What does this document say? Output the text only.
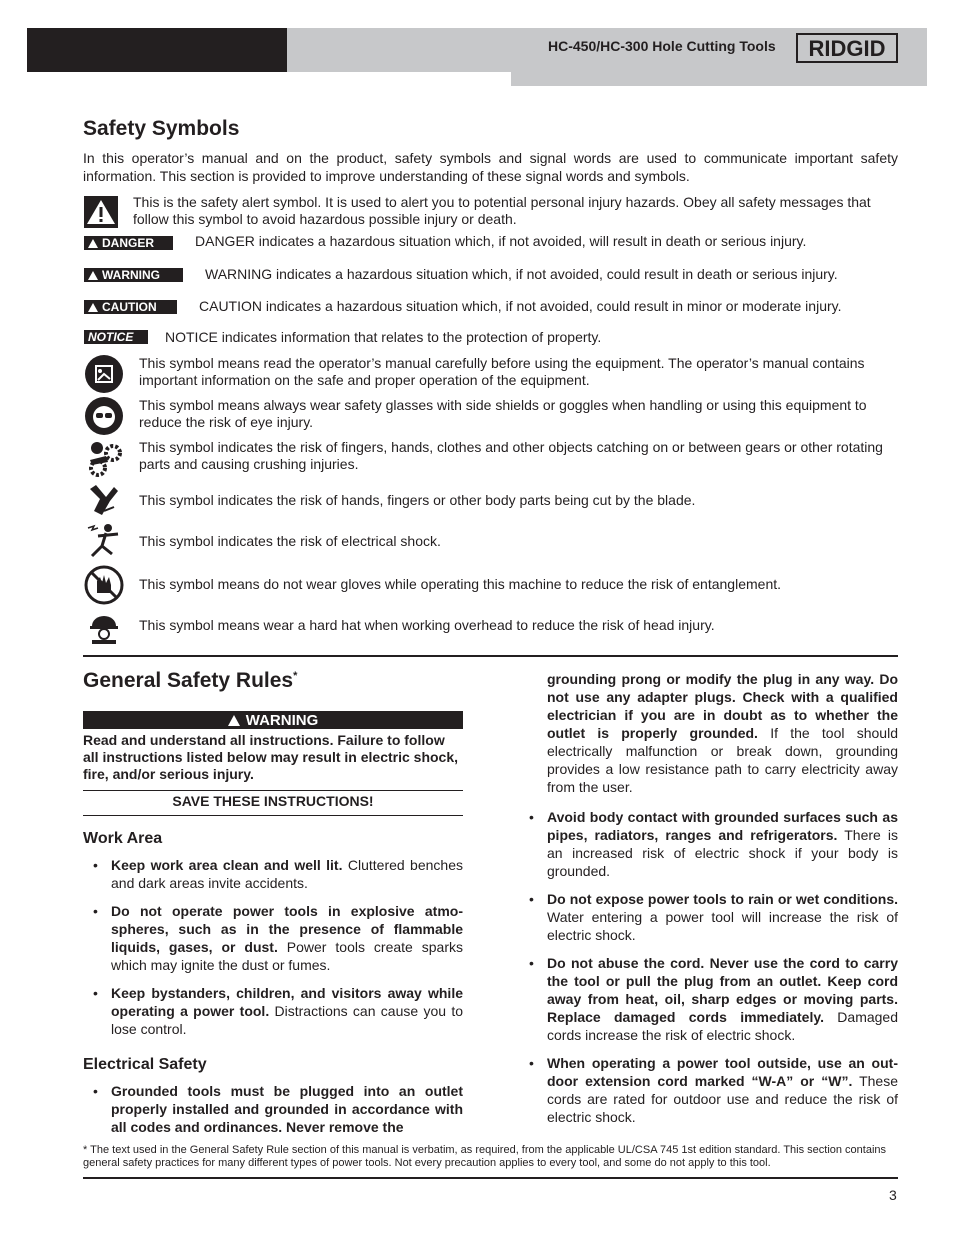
HC-450/HC-300 Hole Cutting Tools RIDGID
Safety Symbols
In this operator’s manual and on the product, safety symbols and signal words are used to communicate important safety information. This section is provided to improve understanding of these signal words and symbols.
This is the safety alert symbol. It is used to alert you to potential personal injury hazards. Obey all safety messages that follow this symbol to avoid hazardous possible injury or death.
DANGER	DANGER indicates a hazardous situation which, if not avoided, will result in death or serious injury.
WARNING	WARNING indicates a hazardous situation which, if not avoided, could result in death or serious injury.
CAUTION	CAUTION indicates a hazardous situation which, if not avoided, could result in minor or moderate injury.
NOTICE NOTICE indicates information that relates to the protection of property.
This symbol means read the operator’s manual carefully before using the equipment. The operator’s manual contains important information on the safe and proper operation of the equipment.
This symbol means always wear safety glasses with side shields or goggles when handling or using this equipment to reduce the risk of eye injury.
This symbol indicates the risk of fingers, hands, clothes and other objects catching on or between gears or other rotating parts and causing crushing injuries.
This symbol indicates the risk of hands, fingers or other body parts being cut by the blade.
This symbol indicates the risk of electrical shock.
This symbol means do not wear gloves while operating this machine to reduce the risk of entanglement.
This symbol means wear a hard hat when working overhead to reduce the risk of head injury.
General Safety Rules*
WARNING
Read and understand all instructions. Failure to follow all instructions listed below may result in electric shock, fire, and/or serious injury.
SAVE THESE INSTRUCTIONS!
Work Area
• Keep work area clean and well lit. Cluttered benches and dark areas invite accidents.
• Do not operate power tools in explosive atmospheres, such as in the presence of flammable liquids, gases, or dust. Power tools create sparks which may ignite the dust or fumes.
• Keep bystanders, children, and visitors away while operating a power tool. Distractions can cause you to lose control.
Electrical Safety
• Grounded tools must be plugged into an outlet properly installed and grounded in accordance with all codes and ordinances. Never remove the

grounding prong or modify the plug in any way. Do not use any adapter plugs. Check with a qualified electrician if you are in doubt as to whether the outlet is properly grounded. If the tool should electrically malfunction or break down, grounding provides a low resistance path to carry electricity away from the user.

• Avoid body contact with grounded surfaces such as pipes, radiators, ranges and refrigerators. There is an increased risk of electric shock if your body is grounded.
• Do not expose power tools to rain or wet conditions. Water entering a power tool will increase the risk of electric shock.
• Do not abuse the cord. Never use the cord to carry the tool or pull the plug from an outlet. Keep cord away from heat, oil, sharp edges or moving parts. Replace damaged cords immediately. Damaged cords increase the risk of electric shock.
• When operating a power tool outside, use an outdoor extension cord marked “W-A” or “W”. These cords are rated for outdoor use and reduce the risk of electric shock.
* The text used in the General Safety Rule section of this manual is verbatim, as required, from the applicable UL/CSA 745 1st edition standard. This section contains general safety practices for many different types of power tools. Not every precaution applies to every tool, and some do not apply to this tool.
3
